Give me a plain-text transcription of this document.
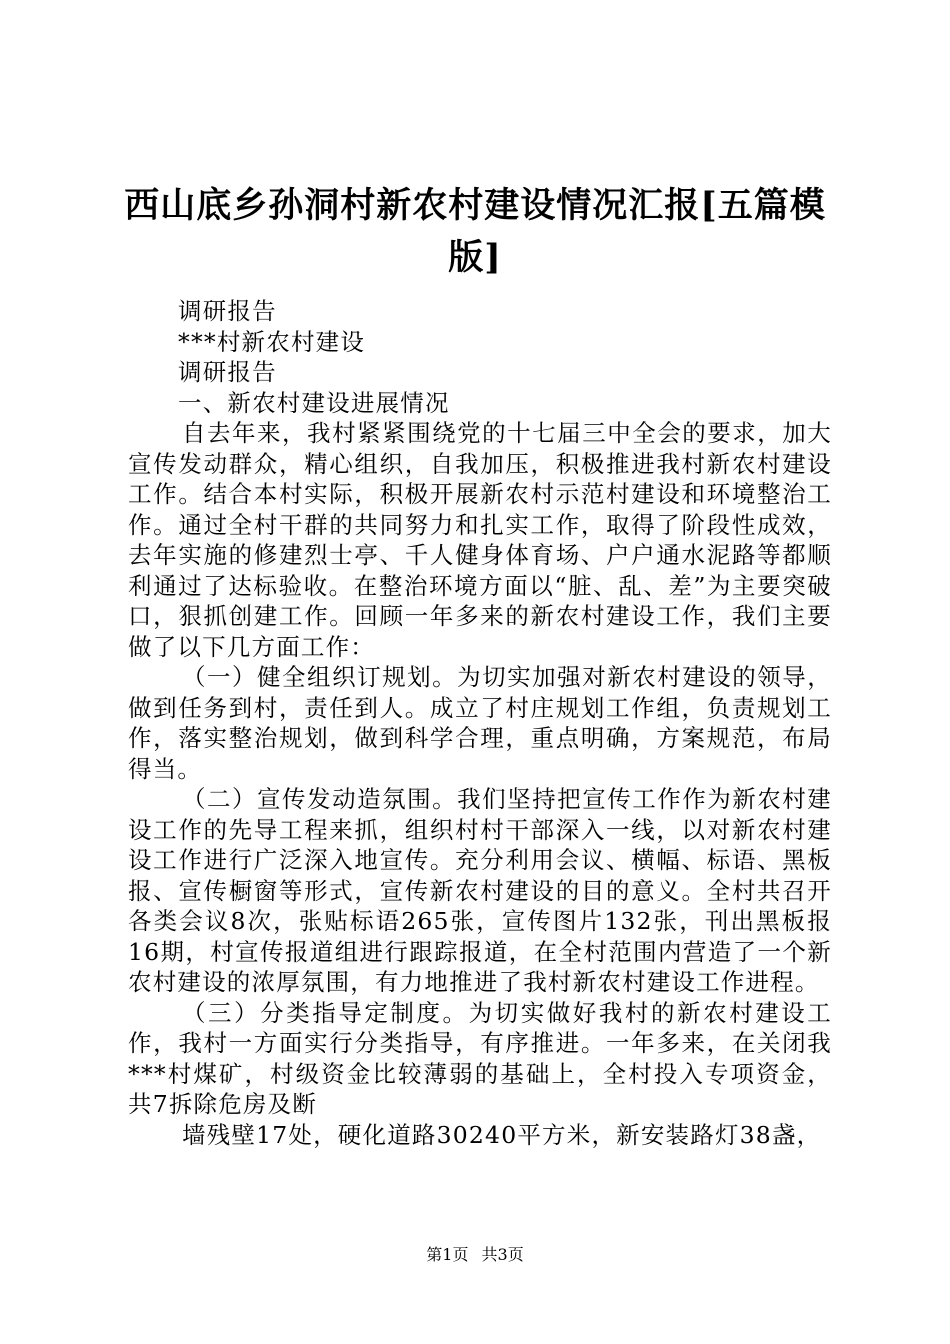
西山底乡孙洞村新农村建设情况汇报[五篇模
版]

调研报告

***村新农村建设

调研报告

一、新农村建设进展情况

自去年来，我村紧紧围绕党的十七届三中全会的要求，加大宣传发动群众，精心组织，自我加压，积极推进我村新农村建设工作。结合本村实际，积极开展新农村示范村建设和环境整治工作。通过全村干群的共同努力和扎实工作，取得了阶段性成效，去年实施的修建烈士亭、千人健身体育场、户户通水泥路等都顺利通过了达标验收。在整治环境方面以“脏、乱、差”为主要突破口，狠抓创建工作。回顾一年多来的新农村建设工作，我们主要做了以下几方面工作：

（一）健全组织订规划。为切实加强对新农村建设的领导，做到任务到村，责任到人。成立了村庄规划工作组，负责规划工作，落实整治规划，做到科学合理，重点明确，方案规范，布局得当。

（二）宣传发动造氛围。我们坚持把宣传工作作为新农村建设工作的先导工程来抓，组织村村干部深入一线，以对新农村建设工作进行广泛深入地宣传。充分利用会议、横幅、标语、黑板报、宣传橱窗等形式，宣传新农村建设的目的意义。全村共召开各类会议8次，张贴标语265张，宣传图片132张，刊出黑板报16期，村宣传报道组进行跟踪报道，在全村范围内营造了一个新农村建设的浓厚氛围，有力地推进了我村新农村建设工作进程。

（三）分类指导定制度。为切实做好我村的新农村建设工作，我村一方面实行分类指导，有序推进。一年多来，在关闭我***村煤矿，村级资金比较薄弱的基础上，全村投入专项资金，共7拆除危房及断

墙残壁17处，硬化道路30240平方米，新安装路灯38盏，

第1页 共3页
